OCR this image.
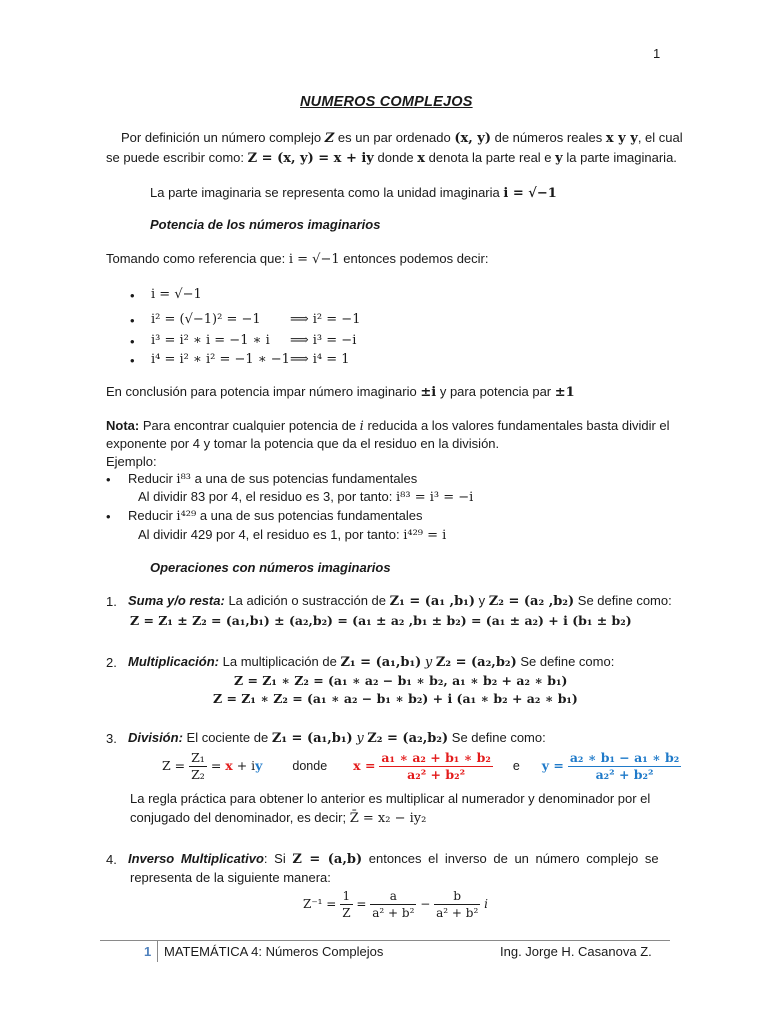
1
NUMEROS COMPLEJOS
Por definición un número complejo Z es un par ordenado (x, y) de números reales x y y, el cual
se puede escribir como: Z = (x, y) = x + iy donde x denota la parte real e y la parte imaginaria.
La parte imaginaria se representa como la unidad imaginaria i = √−1
Potencia de los números imaginarios
Tomando como referencia que: i = √−1 entonces podemos decir:
• i = √−1
• i² = (√−1)² = −1 ⟹ i² = −1
• i³ = i² ∗ i = −1 ∗ i ⟹ i³ = −i
• i⁴ = i² ∗ i² = −1 ∗ −1 ⟹ i⁴ = 1
En conclusión para potencia impar número imaginario ±i y para potencia par ±1
Nota: Para encontrar cualquier potencia de i reducida a los valores fundamentales basta dividir el
exponente por 4 y tomar la potencia que da el residuo en la división.
Ejemplo:
• Reducir i⁸³ a una de sus potencias fundamentales
Al dividir 83 por 4, el residuo es 3, por tanto: i⁸³ = i³ = −i
• Reducir i⁴²⁹ a una de sus potencias fundamentales
Al dividir 429 por 4, el residuo es 1, por tanto: i⁴²⁹ = i
Operaciones con números imaginarios
1. Suma y/o resta: La adición o sustracción de Z₁ = (a₁ ,b₁) y Z₂ = (a₂ ,b₂) Se define como:
Z = Z₁ ± Z₂ = (a₁,b₁) ± (a₂,b₂) = (a₁ ± a₂ ,b₁ ± b₂) = (a₁ ± a₂) + i (b₁ ± b₂)
2. Multiplicación: La multiplicación de Z₁ = (a₁,b₁) y Z₂ = (a₂,b₂) Se define como:
Z = Z₁ ∗ Z₂ = (a₁ ∗ a₂ − b₁ ∗ b₂, a₁ ∗ b₂ + a₂ ∗ b₁)
Z = Z₁ ∗ Z₂ = (a₁ ∗ a₂ − b₁ ∗ b₂) + i (a₁ ∗ b₂ + a₂ ∗ b₁)
3. División: El cociente de Z₁ = (a₁,b₁) y Z₂ = (a₂,b₂) Se define como:
$Z = \frac{\text{Z₁}}{\text{Z₂}} = x$ + iy donde $x = \frac{\text{a₁ ∗ a₂ + b₁ ∗ b₂}}{\text{a₂² + b₂²}}$ e $y = \frac{\text{a₂ ∗ b₁ − a₁ ∗ b₂}}{\text{a₂² + b₂²}}$
La regla práctica para obtener lo anterior es multiplicar al numerador y denominador por el
conjugado del denominador, es decir; Z̄ = x₂ − iy₂
4. Inverso Multiplicativo: Si Z = (a,b) entonces el inverso de un número complejo se
representa de la siguiente manera:
$Z^{-1} = \frac{1}{Z} = \frac{a}{\text{a² + b²}} - \frac{b}{\text{a² + b²}}$ i
1 MATEMÁTICA 4: Números Complejos	Ing. Jorge H. Casanova Z.
